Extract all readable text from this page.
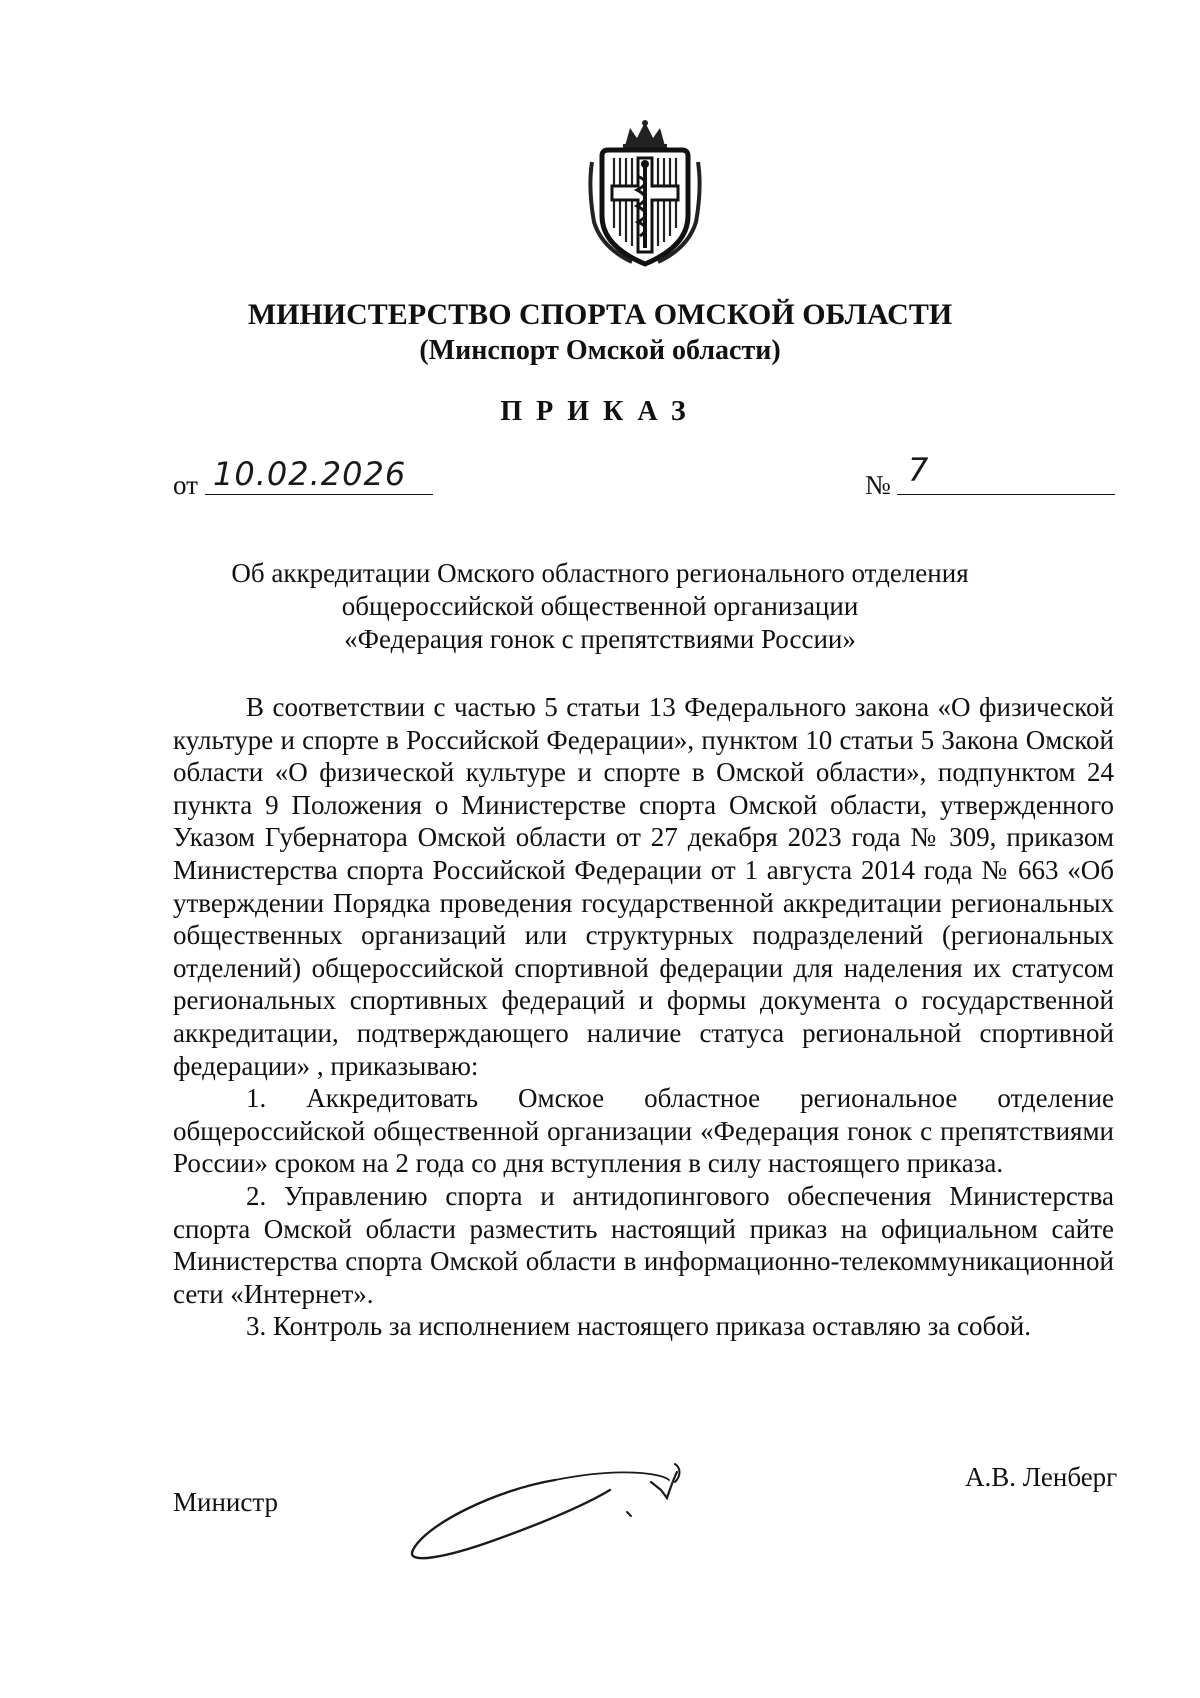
МИНИСТЕРСТВО СПОРТА ОМСКОЙ ОБЛАСТИ
(Минспорт Омской области)
ПРИКАЗ
от 10.02.2026	№ 7
Об аккредитации Омского областного регионального отделения
общероссийской общественной организации
«Федерация гонок с препятствиями России»

В соответствии с частью 5 статьи 13 Федерального закона «О физической культуре и спорте в Российской Федерации», пунктом 10 статьи 5 Закона Омской области «О физической культуре и спорте в Омской области», подпунктом 24 пункта 9 Положения о Министерстве спорта Омской области, утвержденного Указом Губернатора Омской области от 27 декабря 2023 года № 309, приказом Министерства спорта Российской Федерации от 1 августа 2014 года № 663 «Об утверждении Порядка проведения государственной аккредитации региональных общественных организаций или структурных подразделений (региональных отделений) общероссийской спортивной федерации для наделения их статусом региональных спортивных федераций и формы документа о государственной аккредитации, подтверждающего наличие статуса региональной спортивной федерации» , приказываю:

1. Аккредитовать Омское областное региональное отделение общероссийской общественной организации «Федерация гонок с препятствиями России» сроком на 2 года со дня вступления в силу настоящего приказа.

2. Управлению спорта и антидопингового обеспечения Министерства спорта Омской области разместить настоящий приказ на официальном сайте Министерства спорта Омской области в информационно-телекоммуникационной сети «Интернет».

3. Контроль за исполнением настоящего приказа оставляю за собой.

Министр
А.В. Ленберг
